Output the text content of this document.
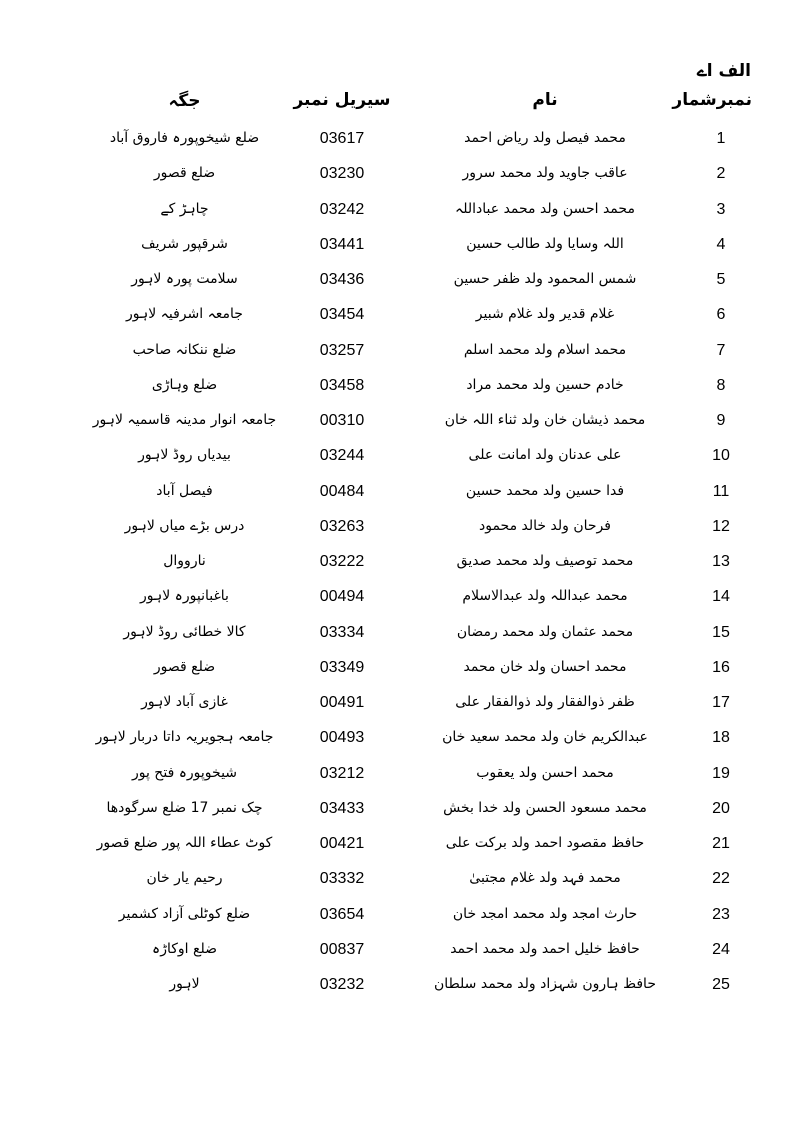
الف اے
نمبرشمار
نام
سیریل نمبر
جگہ
1
محمد فیصل ولد ریاض احمد
03617
ضلع شیخوپورہ فاروق آباد
2
عاقب جاوید ولد محمد سرور
03230
ضلع قصور
3
محمد احسن ولد محمد عباداللہ
03242
چاہڑ کے
4
اللہ وسایا ولد طالب حسین
03441
شرقپور شریف
5
شمس المحمود ولد ظفر حسین
03436
سلامت پورہ لاہور
6
غلام قدیر ولد غلام شبیر
03454
جامعہ اشرفیہ لاہور
7
محمد اسلام ولد محمد اسلم
03257
ضلع ننکانہ صاحب
8
خادم حسین ولد محمد مراد
03458
ضلع وہاڑی
9
محمد ذیشان خان ولد ثناء اللہ خان
00310
جامعہ انوار مدینہ قاسمیہ لاہور
10
علی عدنان ولد امانت علی
03244
بیدیاں روڈ لاہور
11
فدا حسین ولد محمد حسین
00484
فیصل آباد
12
فرحان ولد خالد محمود
03263
درس بڑے میاں لاہور
13
محمد توصیف ولد محمد صدیق
03222
نارووال
14
محمد عبداللہ ولد عبدالاسلام
00494
باغبانپورہ لاہور
15
محمد عثمان ولد محمد رمضان
03334
کالا خطائی روڈ لاہور
16
محمد احسان ولد خان محمد
03349
ضلع قصور
17
ظفر ذوالفقار ولد ذوالفقار علی
00491
غازی آباد لاہور
18
عبدالکریم خان ولد محمد سعید خان
00493
جامعہ ہجویریہ داتا دربار لاہور
19
محمد احسن ولد یعقوب
03212
شیخوپورہ فتح پور
20
محمد مسعود الحسن ولد خدا بخش
03433
چک نمبر 17 ضلع سرگودھا
21
حافظ مقصود احمد ولد برکت علی
00421
کوٹ عطاء اللہ پور ضلع قصور
22
محمد فہد ولد غلام مجتبیٰ
03332
رحیم یار خان
23
حارث امجد ولد محمد امجد خان
03654
ضلع کوٹلی آزاد کشمیر
24
حافظ خلیل احمد ولد محمد احمد
00837
ضلع اوکاڑہ
25
حافظ ہارون شہزاد ولد محمد سلطان
03232
لاہور
